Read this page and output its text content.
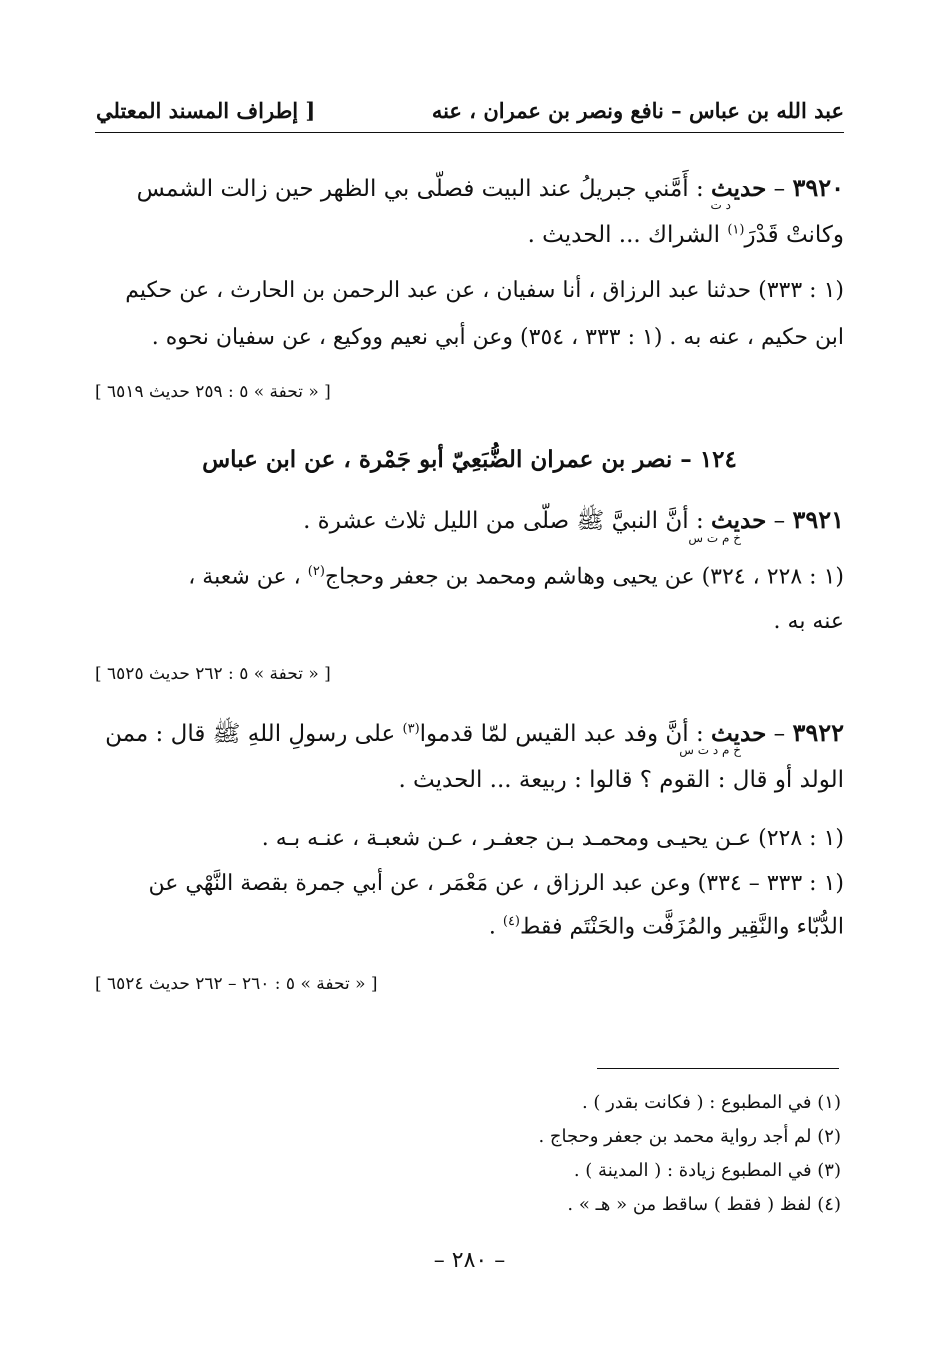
عبد الله بن عباس – نافع ونصر بن عمران ، عنه
[ إطراف المسند المعتلي
٣٩٢٠ – حديث : أَمَّني جبريلُ عند البيت فصلّى بي الظهر حين زالت الشمس
د ت
وكانتْ قَدْرَ$^{(١)}$ الشراك ... الحديث .
(١ : ٣٣٣) حدثنا عبد الرزاق ، أنا سفيان ، عن عبد الرحمن بن الحارث ، عن حكيم
ابن حكيم ، عنه به . (١ : ٣٣٣ ، ٣٥٤) وعن أبي نعيم ووكيع ، عن سفيان نحوه .
[ « تحفة » ٥ : ٢٥٩ حديث ٦٥١٩ ]
١٢٤ – نصر بن عمران الضُّبَعِيّ أبو جَمْرة ، عن ابن عباس
٣٩٢١ – حديث : أنَّ النبيَّ ﷺ صلّى من الليل ثلاث عشرة .
خ م ت س
(١ : ٢٢٨ ، ٣٢٤) عن يحيى وهاشم ومحمد بن جعفر وحجاج$^{(٢)}$ ، عن شعبة ،
عنه به .
[ « تحفة » ٥ : ٢٦٢ حديث ٦٥٢٥ ]
٣٩٢٢ – حديث : أنَّ وفد عبد القيس لمّا قدموا$^{(٣)}$ على رسولِ اللهِ ﷺ قال : ممن
خ م د ت س
الولد أو قال : القوم ؟ قالوا : ربيعة ... الحديث .
(١ : ٢٢٨) عـن يحيـى ومحمـد بـن جعفـر ، عـن شعبـة ، عنـه بـه .
(١ : ٣٣٣ – ٣٣٤) وعن عبد الرزاق ، عن مَعْمَر ، عن أبي جمرة بقصة النَّهْي عن
الدُّبّاء والنَّقِير والمُزَفَّت والحَنْتَم فقط$^{(٤)}$ .
[ « تحفة » ٥ : ٢٦٠ – ٢٦٢ حديث ٦٥٢٤ ]
(١) في المطبوع : ( فكانت بقدر ) .
(٢) لم أجد رواية محمد بن جعفر وحجاج .
(٣) في المطبوع زيادة : ( المدينة ) .
(٤) لفظ ( فقط ) ساقط من « هـ » .
– ٢٨٠ –
